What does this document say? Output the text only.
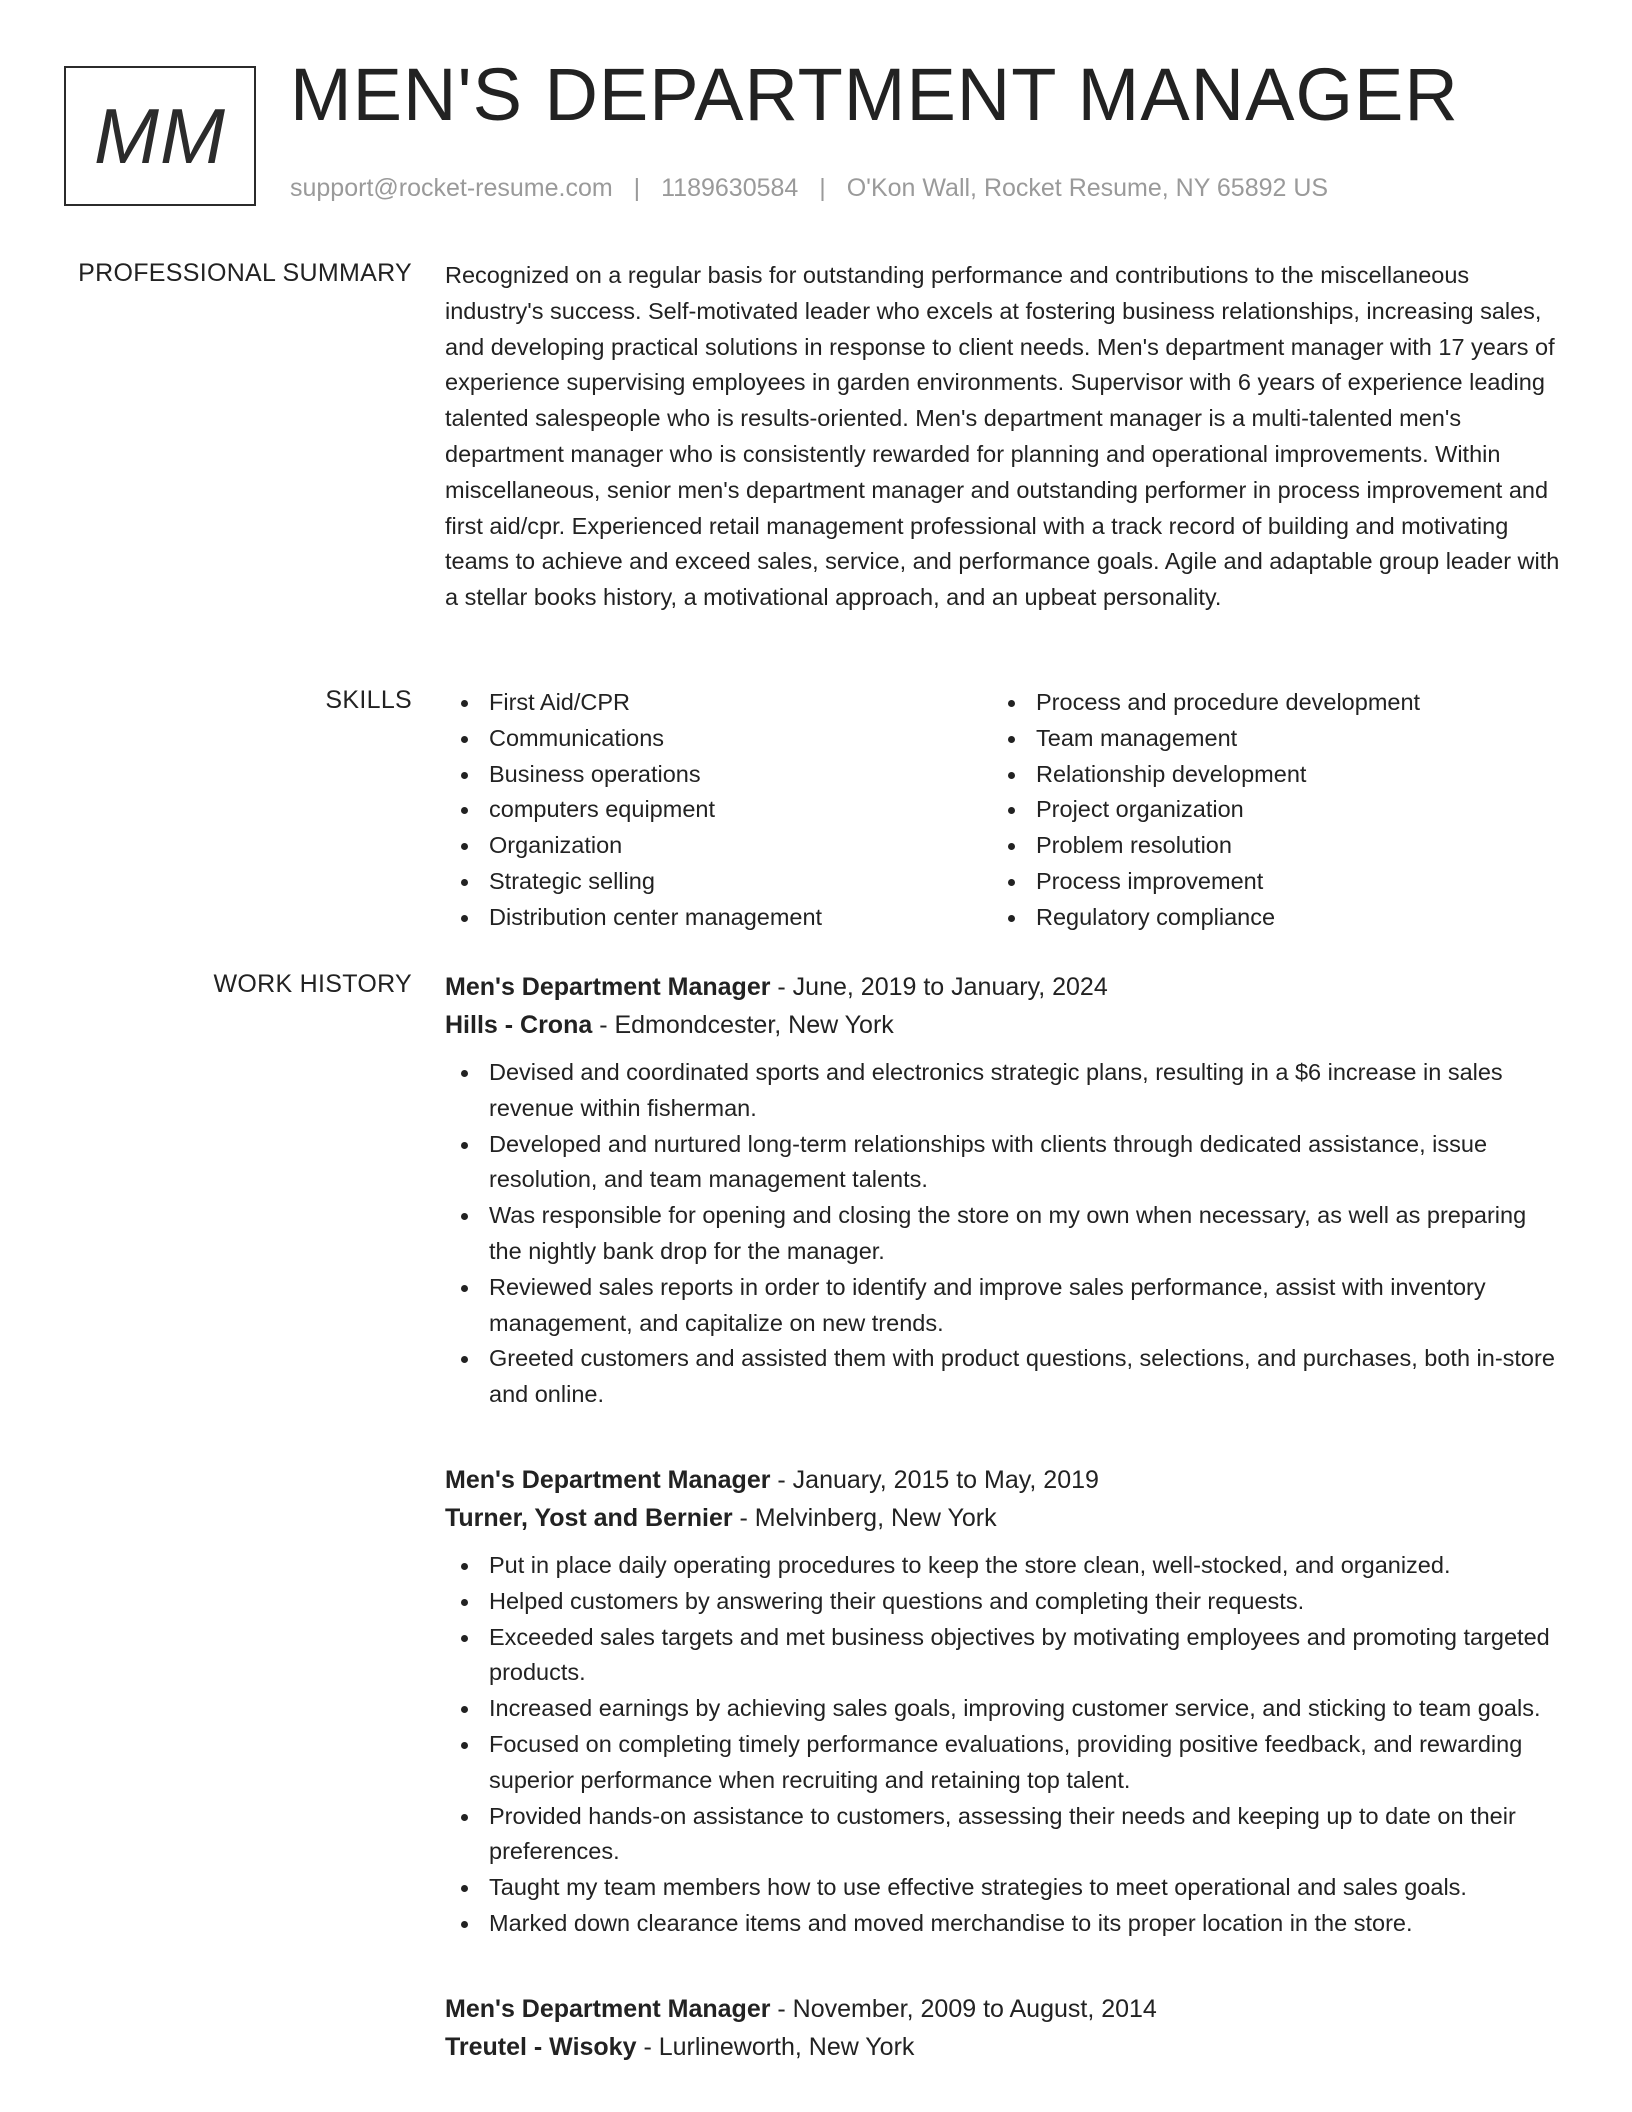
MM MEN'S DEPARTMENT MANAGER
support@rocket-resume.com | 1189630584 | O'Kon Wall, Rocket Resume, NY 65892 US
PROFESSIONAL SUMMARY Recognized on a regular basis for outstanding performance and contributions to the miscellaneous industry's success. Self-motivated leader who excels at fostering business relationships, increasing sales, and developing practical solutions in response to client needs. Men's department manager with 17 years of experience supervising employees in garden environments. Supervisor with 6 years of experience leading talented salespeople who is results-oriented. Men's department manager is a multi-talented men's department manager who is consistently rewarded for planning and operational improvements. Within miscellaneous, senior men's department manager and outstanding performer in process improvement and first aid/cpr. Experienced retail management professional with a track record of building and motivating teams to achieve and exceed sales, service, and performance goals. Agile and adaptable group leader with a stellar books history, a motivational approach, and an upbeat personality.

SKILLS	First Aid/CPR
Communications
Business operations
computers equipment
Organization
Strategic selling
Distribution center management
Process and procedure development
Team management
Relationship development
Project organization
Problem resolution
Process improvement
Regulatory compliance
WORK HISTORY Men's Department Manager - June, 2019 to January, 2024
Hills - Crona - Edmondcester, New York
Devised and coordinated sports and electronics strategic plans, resulting in a $6 increase in sales revenue within fisherman.
Developed and nurtured long-term relationships with clients through dedicated assistance, issue resolution, and team management talents.
Was responsible for opening and closing the store on my own when necessary, as well as preparing the nightly bank drop for the manager.
Reviewed sales reports in order to identify and improve sales performance, assist with inventory management, and capitalize on new trends.
Greeted customers and assisted them with product questions, selections, and purchases, both in-store and online.
Men's Department Manager - January, 2015 to May, 2019
Turner, Yost and Bernier - Melvinberg, New York
Put in place daily operating procedures to keep the store clean, well-stocked, and organized.
Helped customers by answering their questions and completing their requests.
Exceeded sales targets and met business objectives by motivating employees and promoting targeted products.
Increased earnings by achieving sales goals, improving customer service, and sticking to team goals.
Focused on completing timely performance evaluations, providing positive feedback, and rewarding superior performance when recruiting and retaining top talent.
Provided hands-on assistance to customers, assessing their needs and keeping up to date on their preferences.
Taught my team members how to use effective strategies to meet operational and sales goals.
Marked down clearance items and moved merchandise to its proper location in the store.
Men's Department Manager - November, 2009 to August, 2014
Treutel - Wisoky - Lurlineworth, New York
